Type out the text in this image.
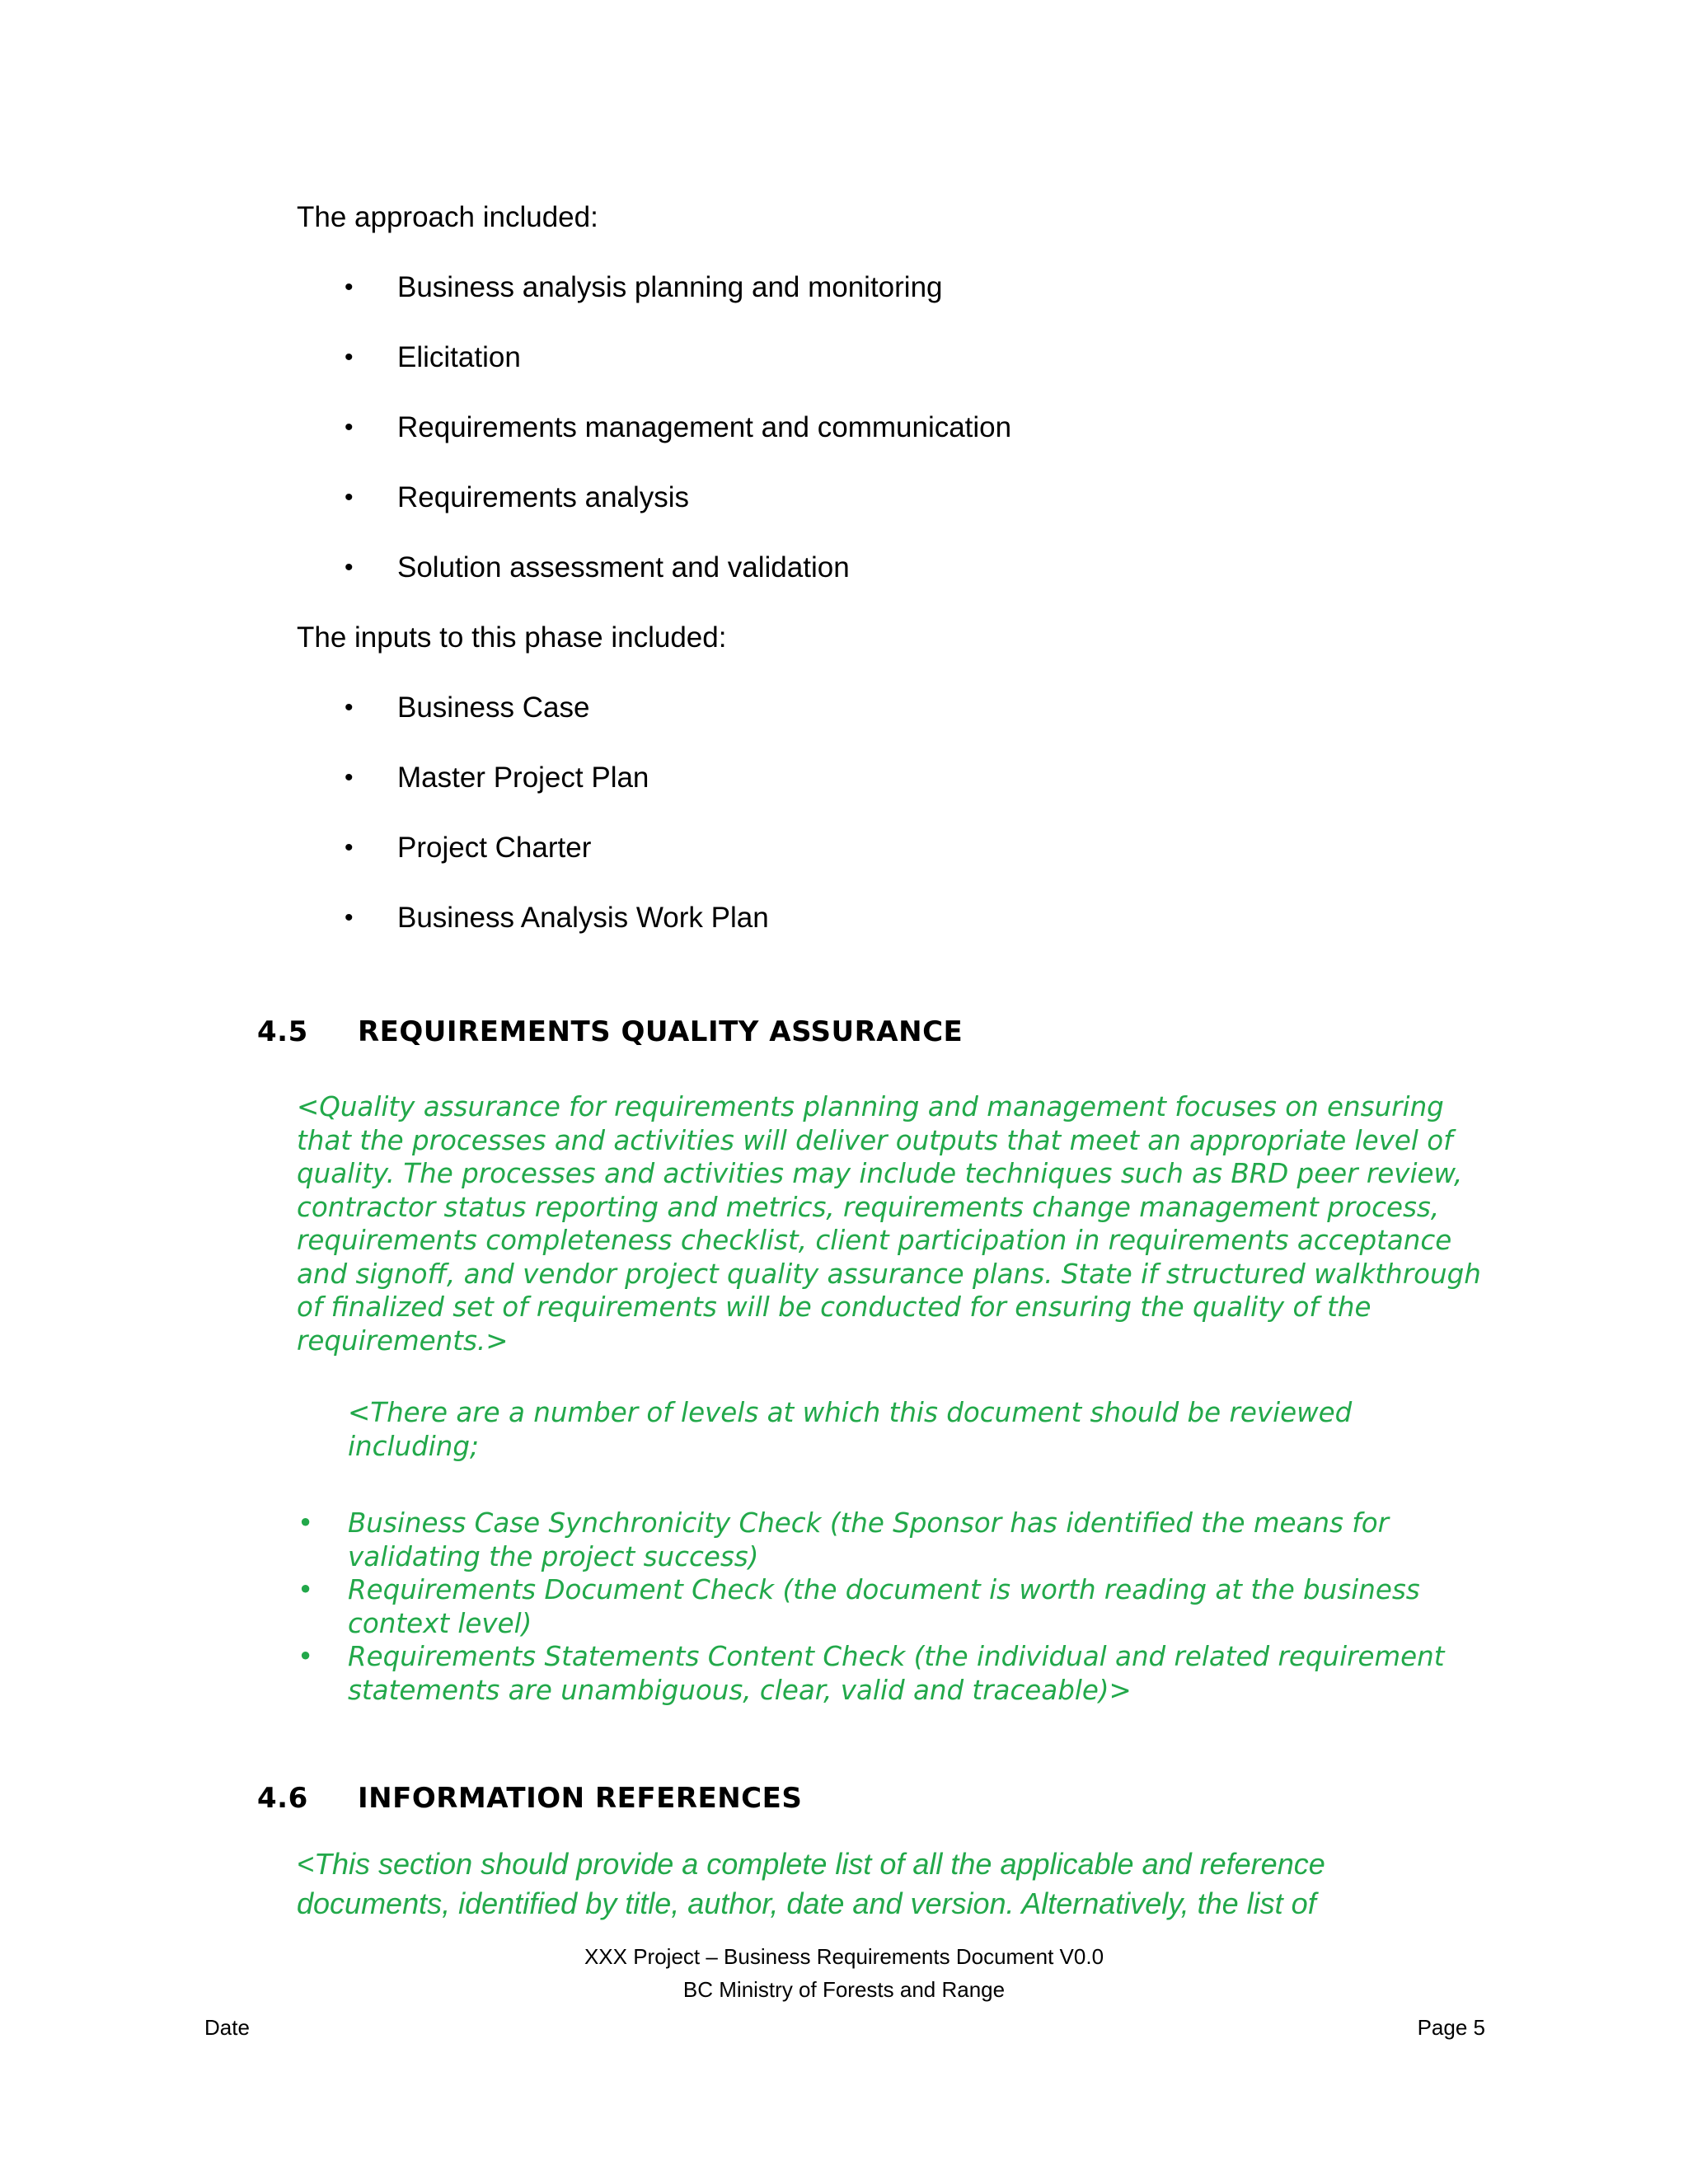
The approach included:
• Business analysis planning and monitoring
• Elicitation
• Requirements management and communication
• Requirements analysis
• Solution assessment and validation
The inputs to this phase included:
• Business Case
• Master Project Plan
• Project Charter
• Business Analysis Work Plan
4.5 REQUIREMENTS QUALITY ASSURANCE
<Quality assurance for requirements planning and management focuses on ensuring that the processes and activities will deliver outputs that meet an appropriate level of quality. The processes and activities may include techniques such as BRD peer review, contractor status reporting and metrics, requirements change management process, requirements completeness checklist, client participation in requirements acceptance and signoff, and vendor project quality assurance plans. State if structured walkthrough of finalized set of requirements will be conducted for ensuring the quality of the requirements.>
<There are a number of levels at which this document should be reviewed including;
• Business Case Synchronicity Check (the Sponsor has identified the means for validating the project success)
• Requirements Document Check (the document is worth reading at the business context level)
• Requirements Statements Content Check (the individual and related requirement statements are unambiguous, clear, valid and traceable)>
4.6 INFORMATION REFERENCES
<This section should provide a complete list of all the applicable and reference
documents, identified by title, author, date and version. Alternatively, the list of
XXX Project – Business Requirements Document V0.0
BC Ministry of Forests and Range
Date	Page 5
